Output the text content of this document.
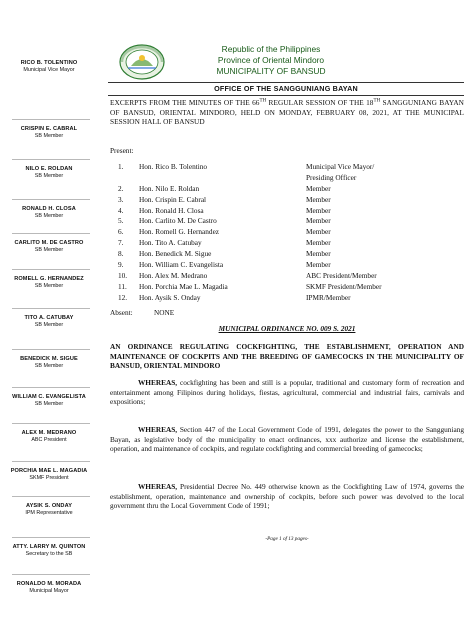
RICO B. TOLENTINO
Municipal Vice Mayor
CRISPIN E. CABRAL
SB Member
NILO E. ROLDAN
SB Member
RONALD H. CLOSA
SB Member
CARLITO M. DE CASTRO
SB Member
ROMELL G. HERNANDEZ
SB Member
TITO A. CATUBAY
SB Member
BENEDICK M. SIGUE
SB Member
WILLIAM C. EVANGELISTA
SB Member
ALEX M. MEDRANO
ABC President
PORCHIA MAE L. MAGADIA
SKMF President
AYSIK S. ONDAY
IPM Representative
ATTY. LARRY M. QUINTON
Secretary to the SB
RONALDO M. MORADA
Municipal Mayor
Republic of the Philippines
Province of Oriental Mindoro
MUNICIPALITY OF BANSUD
OFFICE OF THE SANGGUNIANG BAYAN
EXCERPTS FROM THE MINUTES OF THE 66TH REGULAR SESSION OF THE 18TH SANGGUNIANG BAYAN OF BANSUD, ORIENTAL MINDORO, HELD ON MONDAY, FEBRUARY 08, 2021, AT THE MUNICIPAL SESSION HALL OF BANSUD
Present:
1.	Hon. Rico B. Tolentino	Municipal Vice Mayor/
Presiding Officer
2.	Hon. Nilo E. Roldan	Member
3.	Hon. Crispin E. Cabral	Member
4.	Hon. Ronald H. Closa	Member
5.	Hon. Carlito M. De Castro	Member
6.	Hon. Romell G. Hernandez	Member
7.	Hon. Tito A. Catubay	Member
8.	Hon. Benedick M. Sigue	Member
9.	Hon. William C. Evangelista	Member
10.	Hon. Alex M. Medrano	ABC President/Member
11.	Hon. Porchia Mae L. Magadia	SKMF President/Member
12.	Hon. Aysik S. Onday	IPMR/Member
Absent:	NONE
MUNICIPAL ORDINANCE NO. 009 S. 2021
AN ORDINANCE REGULATING COCKFIGHTING, THE ESTABLISHMENT, OPERATION AND MAINTENANCE OF COCKPITS AND THE BREEDING OF GAMECOCKS IN THE MUNICIPALITY OF BANSUD, ORIENTAL MINDORO
WHEREAS, cockfighting has been and still is a popular, traditional and customary form of recreation and entertainment among Filipinos during holidays, fiestas, agricultural, commercial and industrial fairs, carnivals and expositions;
WHEREAS, Section 447 of the Local Government Code of 1991, delegates the power to the Sangguniang Bayan, as legislative body of the municipality to enact ordinances, xxx authorize and license the establishment, operation, and maintenance of cockpits, and regulate cockfighting and commercial breeding of gamecocks;
WHEREAS, Presidential Decree No. 449 otherwise known as the Cockfighting Law of 1974, governs the establishment, operation, maintenance and ownership of cockpits, before such power was devolved to the local government thru the Local Government Code of 1991;
-Page 1 of 13 pages-
